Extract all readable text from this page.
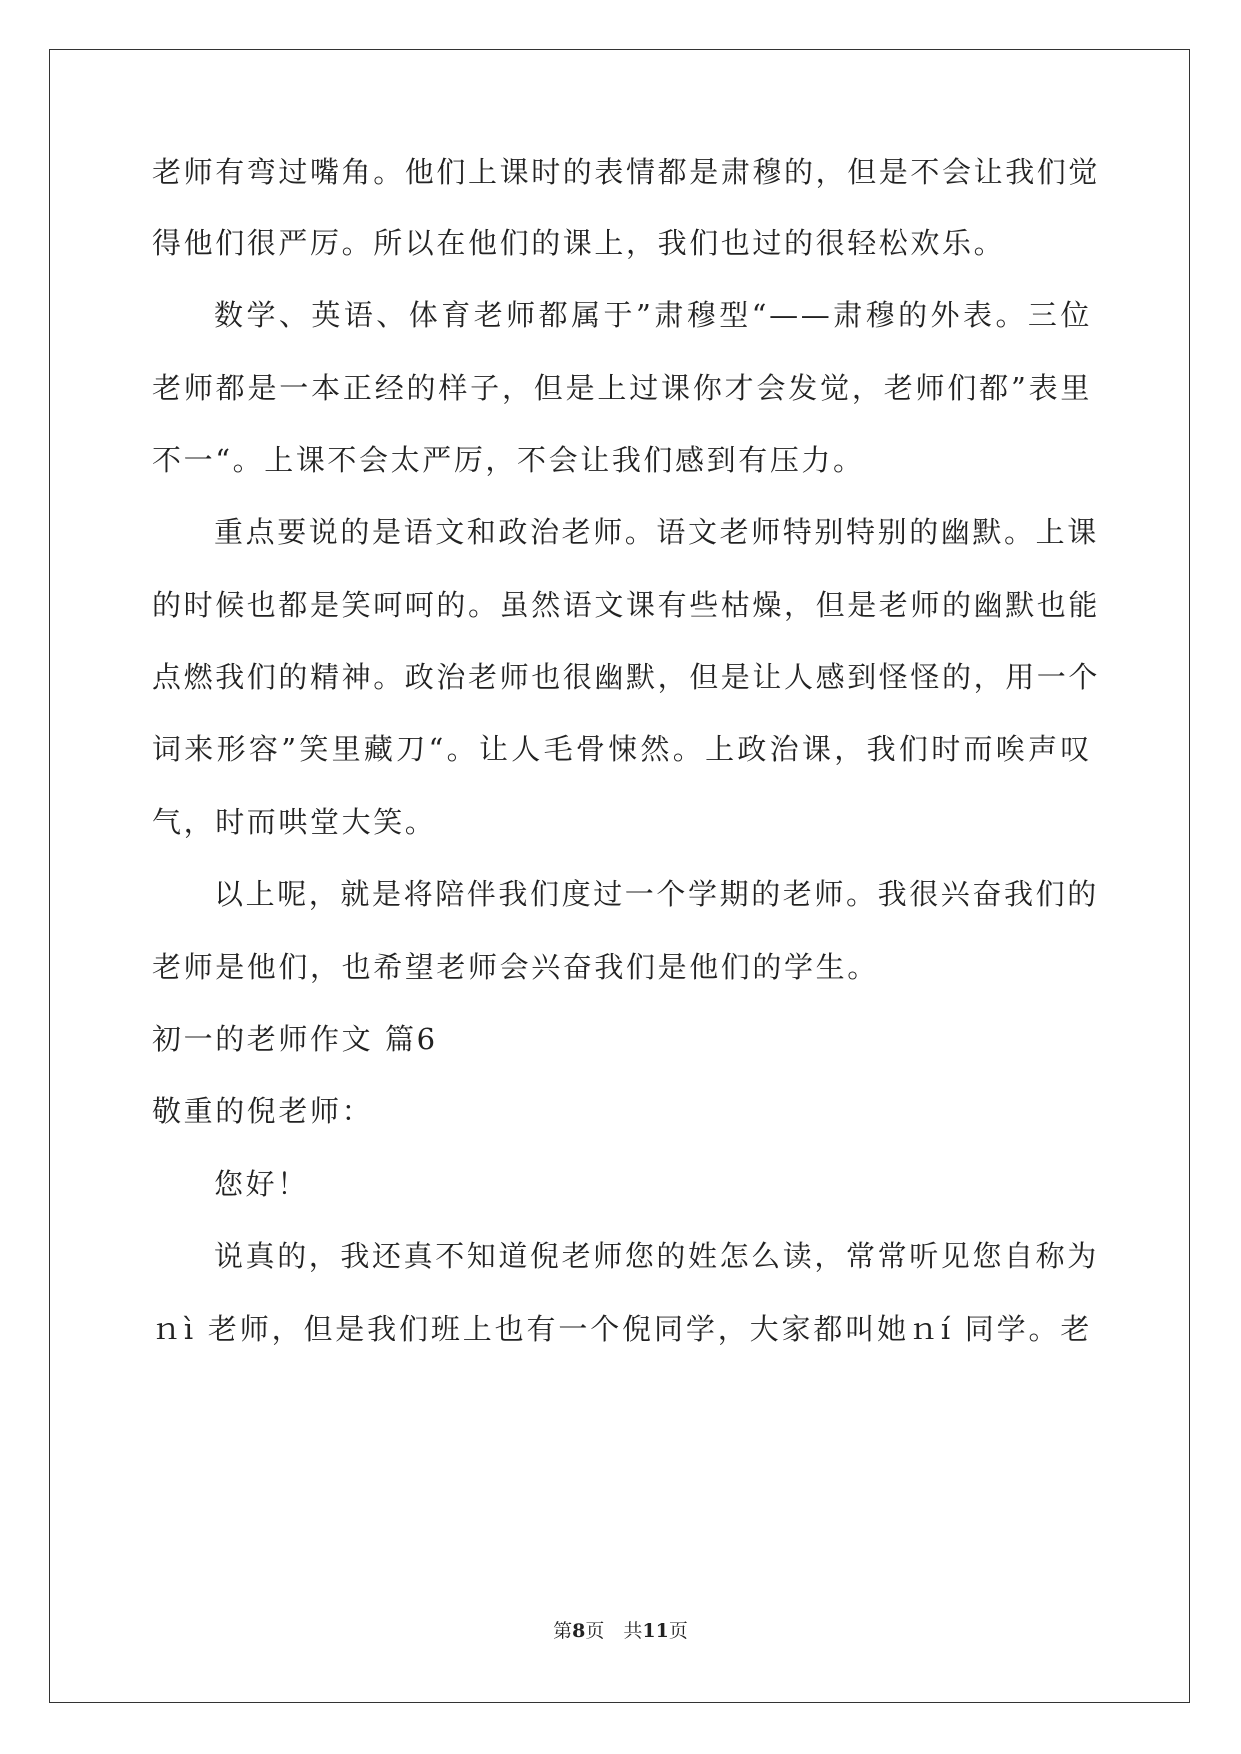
老师有弯过嘴角。他们上课时的表情都是肃穆的，但是不会让我们觉
得他们很严厉。所以在他们的课上，我们也过的很轻松欢乐。
数学、英语、体育老师都属于”肃穆型“——肃穆的外表。三位
老师都是一本正经的样子，但是上过课你才会发觉，老师们都”表里
不一“。上课不会太严厉，不会让我们感到有压力。
重点要说的是语文和政治老师。语文老师特别特别的幽默。上课
的时候也都是笑呵呵的。虽然语文课有些枯燥，但是老师的幽默也能
点燃我们的精神。政治老师也很幽默，但是让人感到怪怪的，用一个
词来形容”笑里藏刀“。让人毛骨悚然。上政治课，我们时而唉声叹
气，时而哄堂大笑。
以上呢，就是将陪伴我们度过一个学期的老师。我很兴奋我们的
老师是他们，也希望老师会兴奋我们是他们的学生。
初一的老师作文 篇6
敬重的倪老师：
您好！
说真的，我还真不知道倪老师您的姓怎么读，常常听见您自称为
ｎì 老师，但是我们班上也有一个倪同学，大家都叫她ｎí 同学。老
第8页　共11页
